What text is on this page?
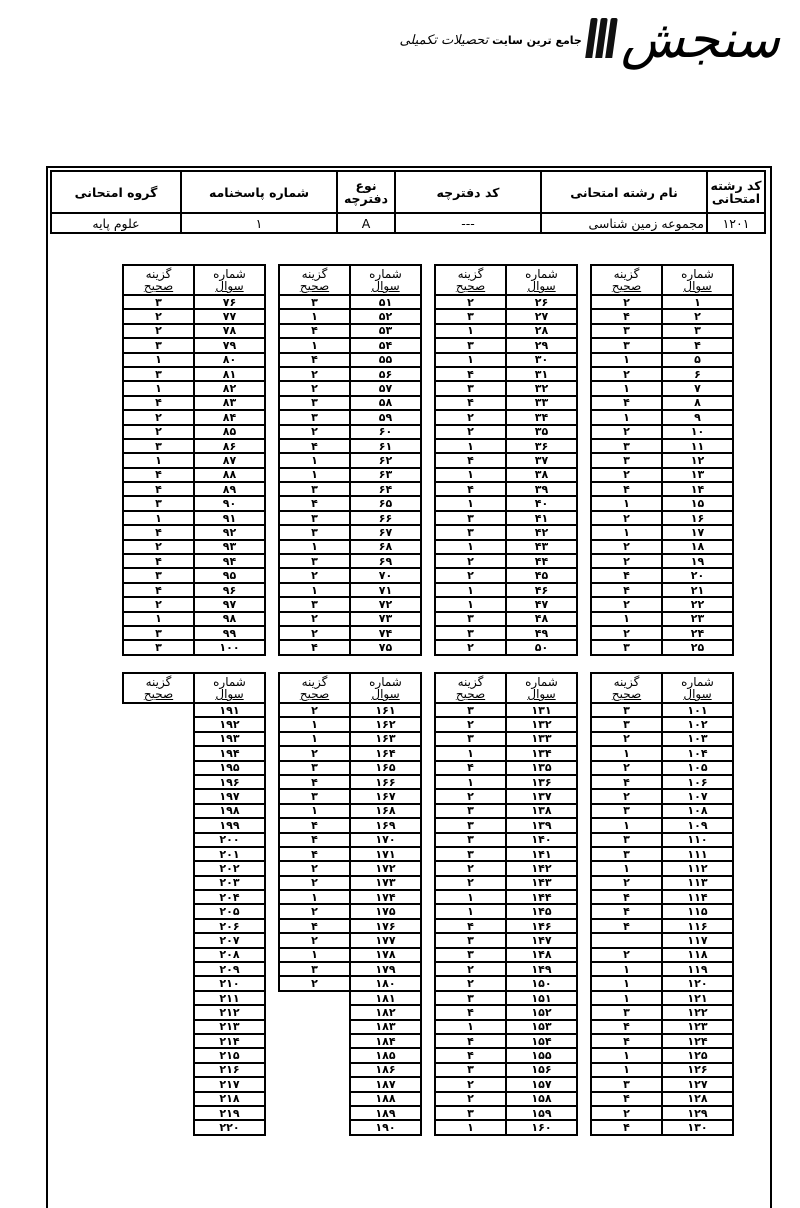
سنجش
جامع ترین سایت تحصیلات تکمیلی
کد رشته امتحانی	نام رشته امتحانی	کد دفترچه	نوع دفترچه	شماره پاسخنامه	گروه امتحانی
۱۲۰۱	مجموعه زمین شناسی	---	A	۱	علوم پایه
شماره
سوال	گزینه
صحیح

۱	۲
۲	۴
۳	۳
۴	۳
۵	۱
۶	۲
۷	۱
۸	۴
۹	۱
۱۰	۲
۱۱	۳
۱۲	۳
۱۳	۲
۱۴	۴
۱۵	۱
۱۶	۲
۱۷	۱
۱۸	۲
۱۹	۲
۲۰	۴
۲۱	۴
۲۲	۲
۲۳	۱
۲۴	۲
۲۵	۳
شماره
سوال	گزینه
صحیح

۲۶	۲
۲۷	۳
۲۸	۱
۲۹	۳
۳۰	۱
۳۱	۴
۳۲	۳
۳۳	۴
۳۴	۲
۳۵	۲
۳۶	۱
۳۷	۴
۳۸	۱
۳۹	۴
۴۰	۱
۴۱	۳
۴۲	۳
۴۳	۱
۴۴	۲
۴۵	۲
۴۶	۱
۴۷	۱
۴۸	۳
۴۹	۳
۵۰	۲
شماره
سوال	گزینه
صحیح

۵۱	۳
۵۲	۱
۵۳	۴
۵۴	۱
۵۵	۴
۵۶	۲
۵۷	۲
۵۸	۳
۵۹	۳
۶۰	۲
۶۱	۴
۶۲	۱
۶۳	۱
۶۴	۳
۶۵	۴
۶۶	۳
۶۷	۳
۶۸	۱
۶۹	۳
۷۰	۲
۷۱	۱
۷۲	۳
۷۳	۲
۷۴	۲
۷۵	۴
شماره
سوال	گزینه
صحیح

۷۶	۳
۷۷	۲
۷۸	۲
۷۹	۳
۸۰	۱
۸۱	۳
۸۲	۱
۸۳	۴
۸۴	۲
۸۵	۲
۸۶	۳
۸۷	۱
۸۸	۴
۸۹	۴
۹۰	۳
۹۱	۱
۹۲	۴
۹۳	۲
۹۴	۴
۹۵	۳
۹۶	۴
۹۷	۲
۹۸	۱
۹۹	۳
۱۰۰	۳
شماره
سوال	گزینه
صحیح

۱۰۱	۳
۱۰۲	۳
۱۰۳	۲
۱۰۴	۱
۱۰۵	۲
۱۰۶	۴
۱۰۷	۲
۱۰۸	۳
۱۰۹	۱
۱۱۰	۳
۱۱۱	۳
۱۱۲	۱
۱۱۳	۲
۱۱۴	۴
۱۱۵	۴
۱۱۶	۴
۱۱۷	
۱۱۸	۲
۱۱۹	۱
۱۲۰	۱
۱۲۱	۱
۱۲۲	۳
۱۲۳	۴
۱۲۴	۴
۱۲۵	۱
۱۲۶	۱
۱۲۷	۳
۱۲۸	۴
۱۲۹	۲
۱۳۰	۴
شماره
سوال	گزینه
صحیح

۱۳۱	۳
۱۳۲	۲
۱۳۳	۳
۱۳۴	۱
۱۳۵	۴
۱۳۶	۱
۱۳۷	۲
۱۳۸	۳
۱۳۹	۳
۱۴۰	۳
۱۴۱	۳
۱۴۲	۲
۱۴۳	۲
۱۴۴	۱
۱۴۵	۱
۱۴۶	۴
۱۴۷	۳
۱۴۸	۳
۱۴۹	۲
۱۵۰	۲
۱۵۱	۳
۱۵۲	۴
۱۵۳	۱
۱۵۴	۴
۱۵۵	۴
۱۵۶	۳
۱۵۷	۲
۱۵۸	۲
۱۵۹	۳
۱۶۰	۱
شماره
سوال	گزینه
صحیح

۱۶۱	۲
۱۶۲	۱
۱۶۳	۱
۱۶۴	۲
۱۶۵	۳
۱۶۶	۴
۱۶۷	۳
۱۶۸	۱
۱۶۹	۴
۱۷۰	۴
۱۷۱	۴
۱۷۲	۲
۱۷۳	۲
۱۷۴	۱
۱۷۵	۲
۱۷۶	۴
۱۷۷	۲
۱۷۸	۱
۱۷۹	۳
۱۸۰	۲
۱۸۱	
۱۸۲	
۱۸۳	
۱۸۴	
۱۸۵	
۱۸۶	
۱۸۷	
۱۸۸	
۱۸۹	
۱۹۰	
شماره
سوال	گزینه
صحیح

۱۹۱	
۱۹۲	
۱۹۳	
۱۹۴	
۱۹۵	
۱۹۶	
۱۹۷	
۱۹۸	
۱۹۹	
۲۰۰	
۲۰۱	
۲۰۲	
۲۰۳	
۲۰۴	
۲۰۵	
۲۰۶	
۲۰۷	
۲۰۸	
۲۰۹	
۲۱۰	
۲۱۱	
۲۱۲	
۲۱۳	
۲۱۴	
۲۱۵	
۲۱۶	
۲۱۷	
۲۱۸	
۲۱۹	
۲۲۰	
